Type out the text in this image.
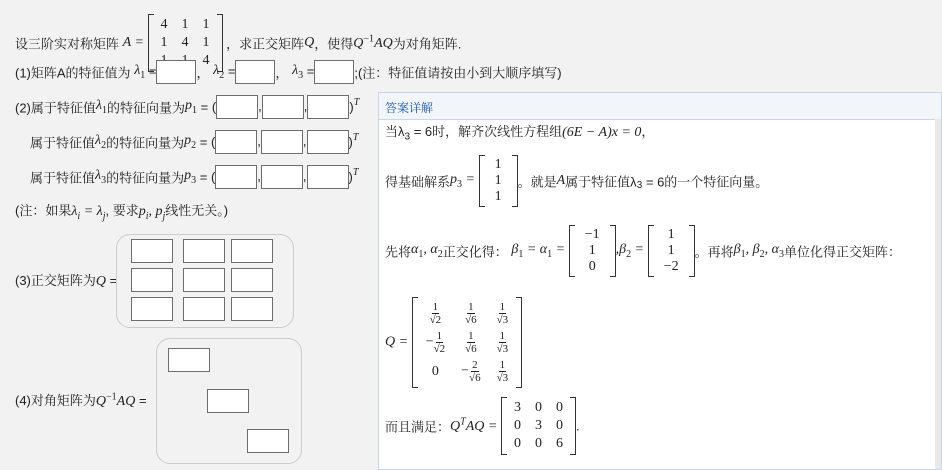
设三阶实对称矩阵 A =
4	1	1
1	4	1
		4
，求正交矩阵Q，使得$Q^{-1}AQ$为对角矩阵.
(1)矩阵A的特征值为 $\lambda_1$ =	， $\lambda_2$ =	， $\lambda_3$ =	;(注：特征值请按由小到大顺序填写)
(2)属于特征值$\lambda_1$的特征向量为$p_1$ = (	,	,	)$^T$
属于特征值$\lambda_2$的特征向量为$p_2$ = (	,	,	)$^T$
属于特征值$\lambda_3$的特征向量为$p_3$ = (	,	,	)$^T$
(注：如果$\lambda_i = \lambda_j$, 要求$p_i$, $p_j$线性无关。)
(3)正交矩阵为Q =
(4)对角矩阵为$Q^{-1}AQ$ =
答案详解
当$\lambda_3 = 6$时，解齐次线性方程组(6E − A)x = 0，
得基础解系$p_3$ =
1
1
1
。就是A属于特征值$\lambda_3 = 6$的一个特征向量。
先将$\alpha_1$, $\alpha_2$正交化得： $\beta_1 = \alpha_1$ =
−1
1
0
$,\beta_2$ =
1
1
−2
。再将$\beta_1$, $\beta_2$, $\alpha_3$单位化得正交矩阵：
Q =
$\frac{1}{√2}$	$\frac{1}{√6}$	$\frac{1}{√3}$

− $\frac{1}{√2}$	$\frac{1}{√6}$	$\frac{1}{√3}$

0	− $\frac{2}{√6}$	$\frac{1}{√3}$
而且满足：$Q^TAQ$ =
3	0	0
0	3	0
0	0	6
.
